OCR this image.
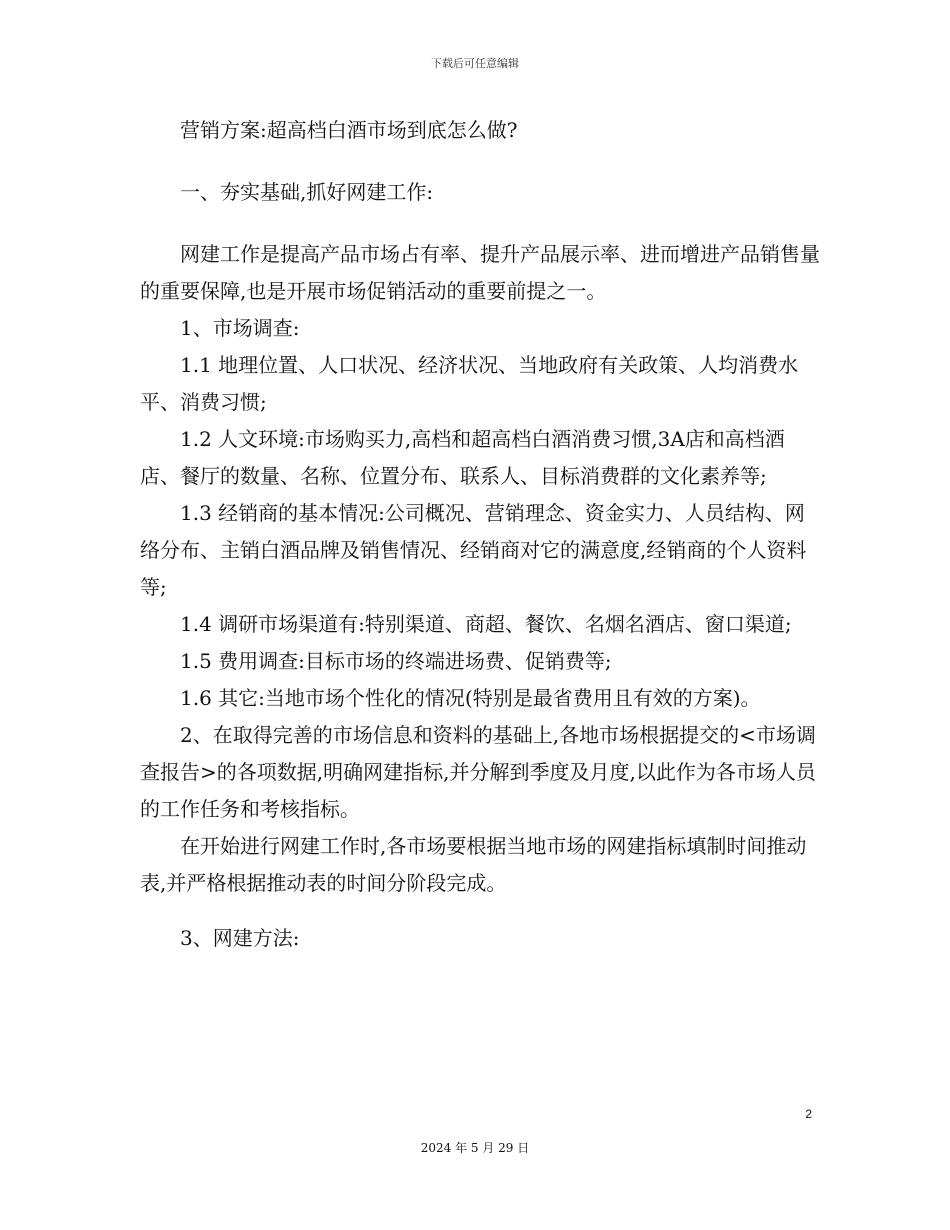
下载后可任意编辑

营销方案:超高档白酒市场到底怎么做?

一、夯实基础,抓好网建工作:

网建工作是提高产品市场占有率、提升产品展示率、进而增进产品销售量的重要保障,也是开展市场促销活动的重要前提之一。

1、市场调查:

1.1 地理位置、人口状况、经济状况、当地政府有关政策、人均消费水平、消费习惯;

1.2 人文环境:市场购买力,高档和超高档白酒消费习惯,3A店和高档酒店、餐厅的数量、名称、位置分布、联系人、目标消费群的文化素养等;

1.3 经销商的基本情况:公司概况、营销理念、资金实力、人员结构、网络分布、主销白酒品牌及销售情况、经销商对它的满意度,经销商的个人资料等;

1.4 调研市场渠道有:特别渠道、商超、餐饮、名烟名酒店、窗口渠道;

1.5 费用调查:目标市场的终端进场费、促销费等;

1.6 其它:当地市场个性化的情况(特别是最省费用且有效的方案)。

2、在取得完善的市场信息和资料的基础上,各地市场根据提交的<市场调查报告>的各项数据,明确网建指标,并分解到季度及月度,以此作为各市场人员的工作任务和考核指标。

在开始进行网建工作时,各市场要根据当地市场的网建指标填制时间推动表,并严格根据推动表的时间分阶段完成。

3、网建方法:

2
2024 年 5 月 29 日
